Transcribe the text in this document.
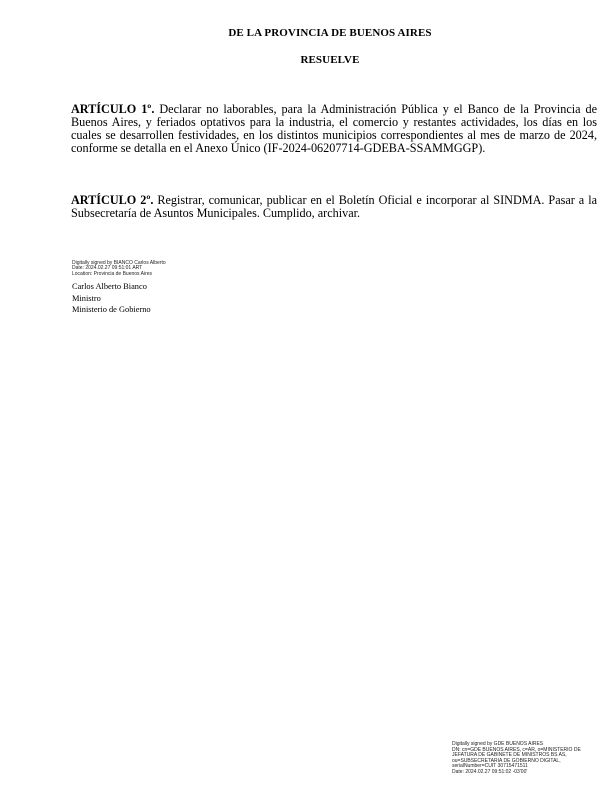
DE LA PROVINCIA DE BUENOS AIRES
RESUELVE

ARTÍCULO 1º. Declarar no laborables, para la Administración Pública y el Banco de la Provincia de Buenos Aires, y feriados optativos para la industria, el comercio y restantes actividades, los días en los cuales se desarrollen festividades, en los distintos municipios correspondientes al mes de marzo de 2024, conforme se detalla en el Anexo Único (IF-2024-06207714-GDEBA-SSAMMGGP).

ARTÍCULO 2º. Registrar, comunicar, publicar en el Boletín Oficial e incorporar al SINDMA. Pasar a la Subsecretaría de Asuntos Municipales. Cumplido, archivar.

Digitally signed by BIANCO Carlos Alberto
Date: 2024.02.27 09:51:01 ART
Location: Provincia de Buenos Aires
Carlos Alberto Bianco
Ministro
Ministerio de Gobierno
Digitally signed by GDE BUENOS AIRES
DN: cn=GDE BUENOS AIRES, c=AR, o=MINISTERIO DE
JEFATURA DE GABINETE DE MINISTROS BS AS,
ou=SUBSECRETARIA DE GOBIERNO DIGITAL,
serialNumber=CUIT 30715471511
Date: 2024.02.27 09:51:02 -03'00'
